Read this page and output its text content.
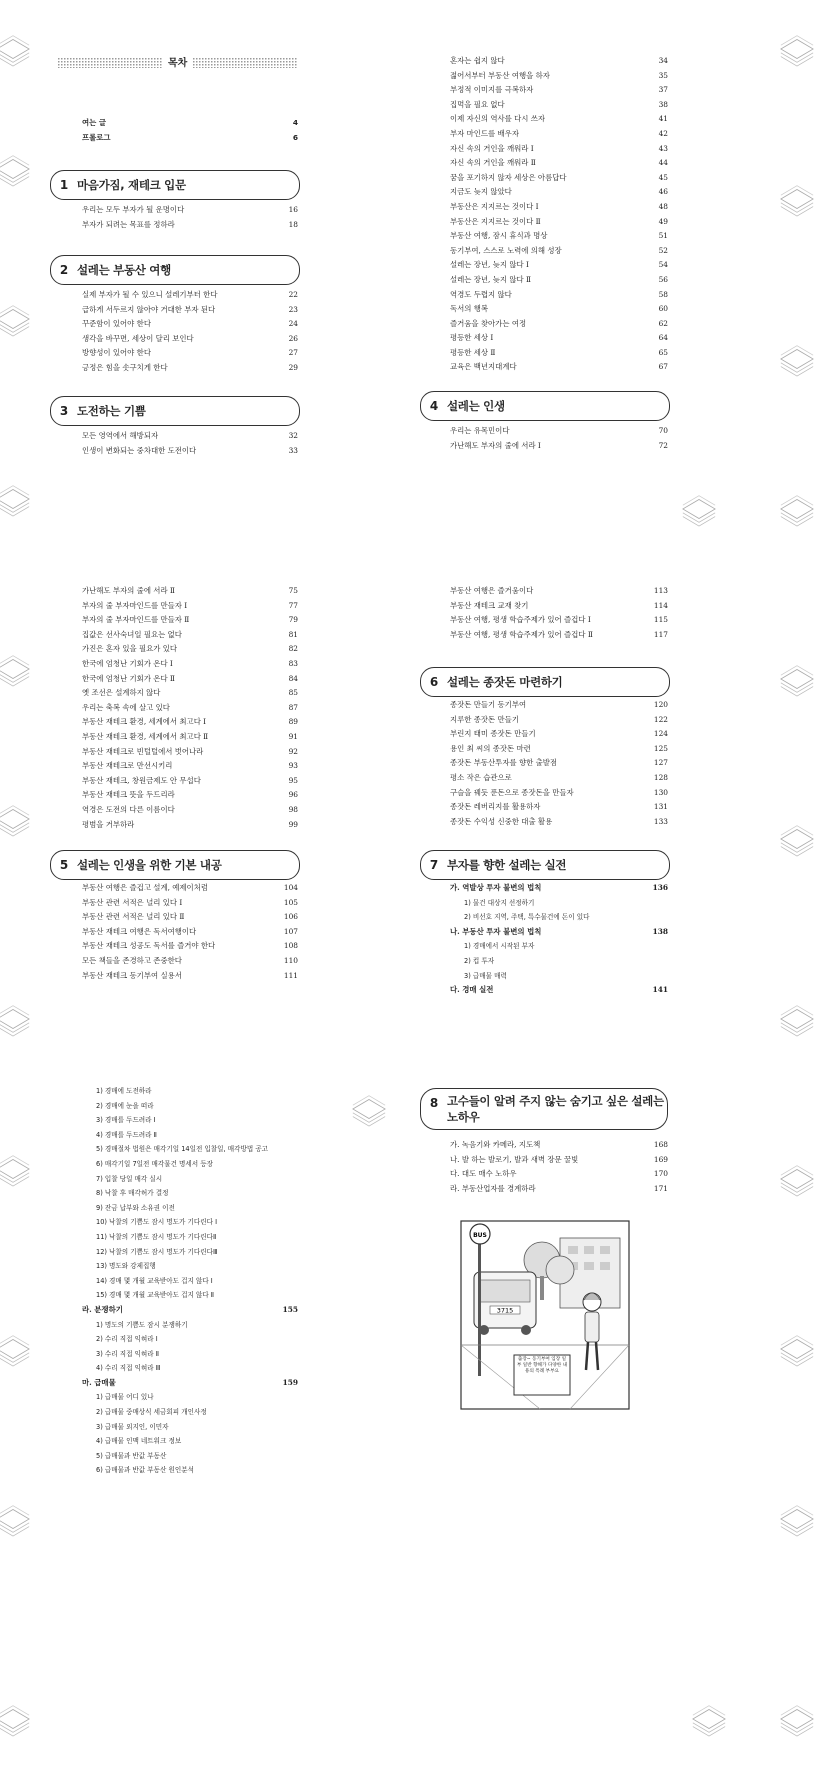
목차
여는 글	4
프롤로그	6
1 마음가짐, 재테크 입문
우리는 모두 부자가 될 운명이다	16
부자가 되려는 목표를 정하라	18
2 설레는 부동산 여행
실제 부자가 될 수 있으니 설레기부터 한다	22
급하게 서두르지 않아야 거대한 부자 된다	23
꾸준함이 있어야 한다	24
생각을 바꾸면, 세상이 달리 보인다	26
방향성이 있어야 한다	27
긍정은 힘을 솟구치게 한다	29
3 도전하는 기쁨
모든 영역에서 해방되자	32
인생이 변화되는 중차대한 도전이다	33
혼자는 쉽지 않다	34
젊어서부터 부동산 여행을 하자	35
부정적 이미지를 극복하자	37
집먹을 필요 없다	38
이제 자신의 역사를 다시 쓰자	41
부자 마인드를 배우자	42
자신 속의 거인을 깨워라 Ⅰ	43
자신 속의 거인을 깨워라 Ⅱ	44
꿈을 포기하지 않자 세상은 아름답다	45
지금도 늦지 않았다	46
부동산은 지지르는 것이다 Ⅰ	48
부동산은 지지르는 것이다 Ⅱ	49
부동산 여행, 잠시 휴식과 명상	51
동기부여, 스스로 노력에 의해 성장	52
설레는 장년, 늦지 않다 Ⅰ	54
설레는 장년, 늦지 않다 Ⅱ	56
역경도 두렵지 않다	58
독서의 행복	60
즐거움을 찾아가는 여정	62
평등한 세상 Ⅰ	64
평등한 세상 Ⅱ	65
교육은 백년지대계다	67
4 설레는 인생
우리는 유목민이다	70
가난해도 부자의 줄에 서라 Ⅰ	72
가난해도 부자의 줄에 서라 Ⅱ	75
부자의 줄 부자마인드를 만들자 Ⅰ	77
부자의 줄 부자마인드를 만들자 Ⅱ	79
집값은 선사숙녀일 필요는 없다	81
가진은 혼자 있을 필요가 있다	82
한국에 엄청난 기회가 온다 Ⅰ	83
한국에 엄청난 기회가 온다 Ⅱ	84
옛 조선은 설계하지 않다	85
우리는 축복 속에 살고 있다	87
부동산 재테크 환경, 세계에서 최고다 Ⅰ	89
부동산 재테크 환경, 세계에서 최고다 Ⅱ	91
부동산 재테크로 빈털털에서 벗어나라	92
부동산 재테크로 만선시키리	93
부동산 재테크, 창원금제도 안 무섭다	95
부동산 재테크 뜻을 두드리라	96
역경은 도전의 다른 이름이다	98
평범을 거부하라	99
5 설레는 인생을 위한 기본 내공
부동산 여행은 즐겁고 설계, 예제이처럼	104
부동산 관련 서적은 널리 있다 Ⅰ	105
부동산 관련 서적은 널리 있다 Ⅱ	106
부동산 재테크 여행은 독서여행이다	107
부동산 재테크 성공도 독서를 즐거야 한다	108
모든 책들을 존경하고 존중한다	110
부동산 재테크 동기부여 실용서	111
부동산 여행은 즐거움이다	113
부동산 재테크 교재 찾기	114
부동산 여행, 평생 학습주제가 있어 즐겁다 Ⅰ	115
부동산 여행, 평생 학습주제가 있어 즐겁다 Ⅱ	117
6 설레는 종잣돈 마련하기
종잣돈 만들기 동기부여	120
지루한 종잣돈 만들기	122
부린지 태미 종잣돈 만들기	124
용인 최 씨의 종잣돈 마련	125
종잣돈 부동산투자를 향한 출발점	127
평소 작은 습관으로	128
구슬을 꿰듯 푼돈으로 종잣돈을 만들자	130
종잣돈 레버리지를 활용하자	131
종잣돈 수익성 신중한 대출 활용	133
7 부자를 향한 설레는 실전
가. 역발상 투자 불변의 법칙	136
1) 물건 대상지 선정하기
2) 비선호 지역, 주택, 특수물건에 돈이 있다
나. 부동산 투자 불변의 법칙	138
1) 경매에서 시작된 부자
2) 컵 투자
3) 급매물 매력
다. 경매 실전	141
1) 경매에 도전하라
2) 경매에 눈을 떠라
3) 경매를 두드려라 Ⅰ
4) 경매를 두드려라 Ⅱ
5) 경매절차 법원은 매각기일 14일전 입찰일, 매각방법 공고
6) 매각기일 7일전 매각물건 명세서 등장
7) 입찰 당일 매각 실시
8) 낙찰 후 매각허가 결정
9) 잔금 납부와 소유권 이전
10) 낙찰의 기쁨도 잠시 명도가 기다린다 Ⅰ
11) 낙찰의 기쁨도 잠시 명도가 기다린다Ⅱ
12) 낙찰의 기쁨도 잠시 명도가 기다린다Ⅲ
13) 명도와 강제집행
14) 경매 몇 개월 교육받아도 겁지 않다 Ⅰ
15) 경매 몇 개월 교육받아도 겁지 않다 Ⅱ
라. 분쟁하기	155
1) 명도의 기쁨도 잠시 분쟁하기
2) 수리 직접 익혀라 Ⅰ
3) 수리 직접 익혀라 Ⅱ
4) 수리 직접 익혀라 Ⅲ
마. 급매물	159
1) 급매물 어디 있나
2) 급매물 중매상식 세금회피 개인사정
3) 급매물 외지인, 이민자
4) 급매물 인맥 네트워크 정보
5) 급매물과 반값 부동산
6) 급매물과 반값 부동산 원인분석
8 고수들이 알려 주지 않는 숨기고 싶은 설레는
노하우
가. 녹음기와 카메라, 지도책	168
나. 발 하는 발로기, 발과 새벽 장문 꿀빛	169
다. 대도 매수 노하우	170
라. 부동산업자를 경계하라	171
3715
BUS
출장~ 동기부여 입장 일부 일반 향해가 다양한 내용의 특례 부부요
